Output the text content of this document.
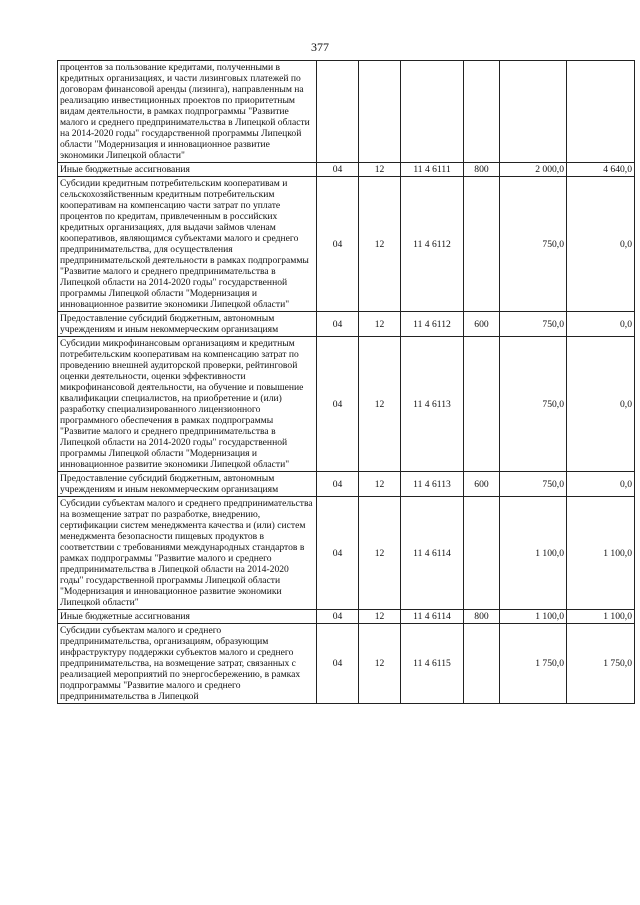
377
процентов за пользование кредитами, полученными в кредитных организациях, и части лизинговых платежей по договорам финансовой аренды (лизинга), направленным на реализацию инвестиционных проектов по приоритетным видам деятельности, в рамках подпрограммы "Развитие малого и среднего предпринимательства в Липецкой области на 2014-2020 годы" государственной программы Липецкой области "Модернизация и инновационное развитие экономики Липецкой области"						
Иные бюджетные ассигнования	04	12	11 4 6111	800	2 000,0	4 640,0
Субсидии кредитным потребительским кооперативам и сельскохозяйственным кредитным потребительским кооперативам на компенсацию части затрат по уплате процентов по кредитам, привлеченным в российских кредитных организациях, для выдачи займов членам кооперативов, являющимся субъектами малого и среднего предпринимательства, для осуществления предпринимательской деятельности в рамках подпрограммы "Развитие малого и среднего предпринимательства в Липецкой области на 2014-2020 годы" государственной программы Липецкой области "Модернизация и инновационное развитие экономики Липецкой области"	04	12	11 4 6112		750,0	0,0
Предоставление субсидий бюджетным, автономным учреждениям и иным некоммерческим организациям	04	12	11 4 6112	600	750,0	0,0
Субсидии микрофинансовым организациям и кредитным потребительским кооперативам на компенсацию затрат по проведению внешней аудиторской проверки, рейтинговой оценки деятельности, оценки эффективности микрофинансовой деятельности, на обучение и повышение квалификации специалистов, на приобретение и (или) разработку специализированного лицензионного программного обеспечения в рамках подпрограммы "Развитие малого и среднего предпринимательства в Липецкой области на 2014-2020 годы" государственной программы Липецкой области "Модернизация и инновационное развитие экономики Липецкой области"	04	12	11 4 6113		750,0	0,0
Предоставление субсидий бюджетным, автономным учреждениям и иным некоммерческим организациям	04	12	11 4 6113	600	750,0	0,0
Субсидии субъектам малого и среднего предпринимательства на возмещение затрат по разработке, внедрению, сертификации систем менеджмента качества и (или) систем менеджмента безопасности пищевых продуктов в соответствии с требованиями международных стандартов в рамках подпрограммы "Развитие малого и среднего предпринимательства в Липецкой области на 2014-2020 годы" государственной программы Липецкой области "Модернизация и инновационное развитие экономики Липецкой области"	04	12	11 4 6114		1 100,0	1 100,0
Иные бюджетные ассигнования	04	12	11 4 6114	800	1 100,0	1 100,0
Субсидии субъектам малого и среднего предпринимательства, организациям, образующим инфраструктуру поддержки субъектов малого и среднего предпринимательства, на возмещение затрат, связанных с реализацией мероприятий по энергосбережению, в рамках подпрограммы "Развитие малого и среднего предпринимательства в Липецкой	04	12	11 4 6115		1 750,0	1 750,0
